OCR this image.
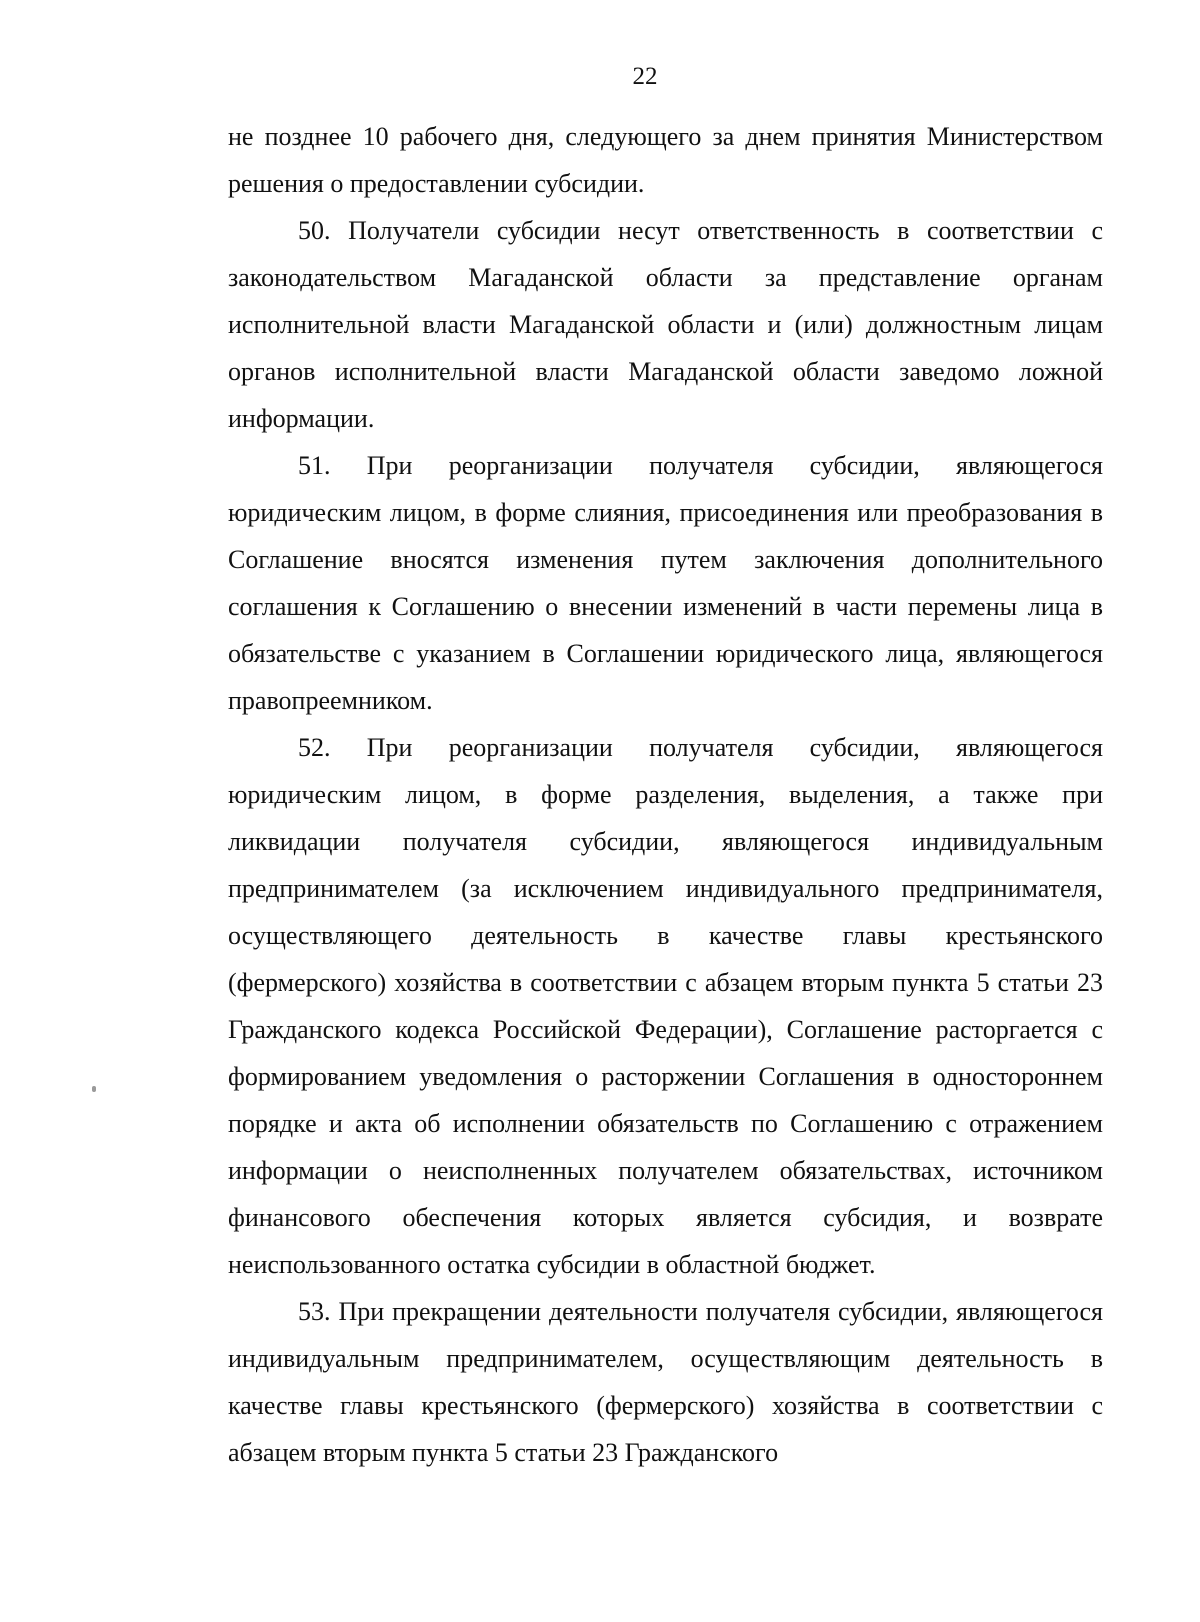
22

не позднее 10 рабочего дня, следующего за днем принятия Министерством решения о предоставлении субсидии.

50. Получатели субсидии несут ответственность в соответствии с законодательством Магаданской области за представление органам исполнительной власти Магаданской области и (или) должностным лицам органов исполнительной власти Магаданской области заведомо ложной информации.

51. При реорганизации получателя субсидии, являющегося юридическим лицом, в форме слияния, присоединения или преобразования в Соглашение вносятся изменения путем заключения дополнительного соглашения к Соглашению о внесении изменений в части перемены лица в обязательстве с указанием в Соглашении юридического лица, являющегося правопреемником.

52. При реорганизации получателя субсидии, являющегося юридическим лицом, в форме разделения, выделения, а также при ликвидации получателя субсидии, являющегося индивидуальным предпринимателем (за исключением индивидуального предпринимателя, осуществляющего деятельность в качестве главы крестьянского (фермерского) хозяйства в соответствии с абзацем вторым пункта 5 статьи 23 Гражданского кодекса Российской Федерации), Соглашение расторгается с формированием уведомления о расторжении Соглашения в одностороннем порядке и акта об исполнении обязательств по Соглашению с отражением информации о неисполненных получателем обязательствах, источником финансового обеспечения которых является субсидия, и возврате неиспользованного остатка субсидии в областной бюджет.

53. При прекращении деятельности получателя субсидии, являющегося индивидуальным предпринимателем, осуществляющим деятельность в качестве главы крестьянского (фермерского) хозяйства в соответствии с абзацем вторым пункта 5 статьи 23 Гражданского
